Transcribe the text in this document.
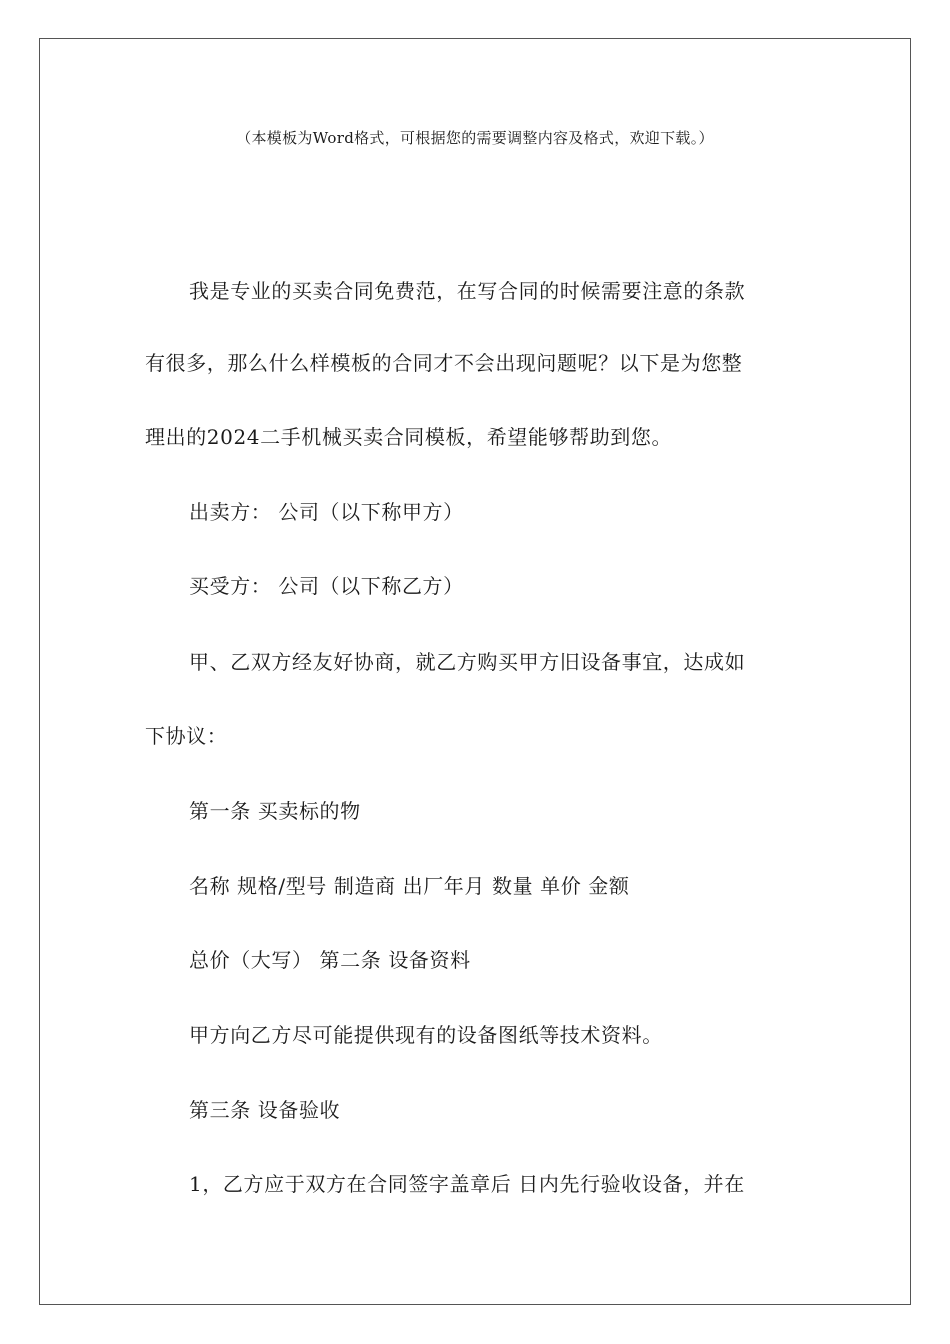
（本模板为Word格式，可根据您的需要调整内容及格式，欢迎下载。）
我是专业的买卖合同免费范，在写合同的时候需要注意的条款
有很多，那么什么样模板的合同才不会出现问题呢？以下是为您整
理出的2024二手机械买卖合同模板，希望能够帮助到您。
出卖方： 公司（以下称甲方）
买受方： 公司（以下称乙方）
甲、乙双方经友好协商，就乙方购买甲方旧设备事宜，达成如
下协议：
第一条 买卖标的物
名称 规格/型号 制造商 出厂年月 数量 单价 金额
总价（大写） 第二条 设备资料
甲方向乙方尽可能提供现有的设备图纸等技术资料。
第三条 设备验收
1，乙方应于双方在合同签字盖章后 日内先行验收设备，并在
